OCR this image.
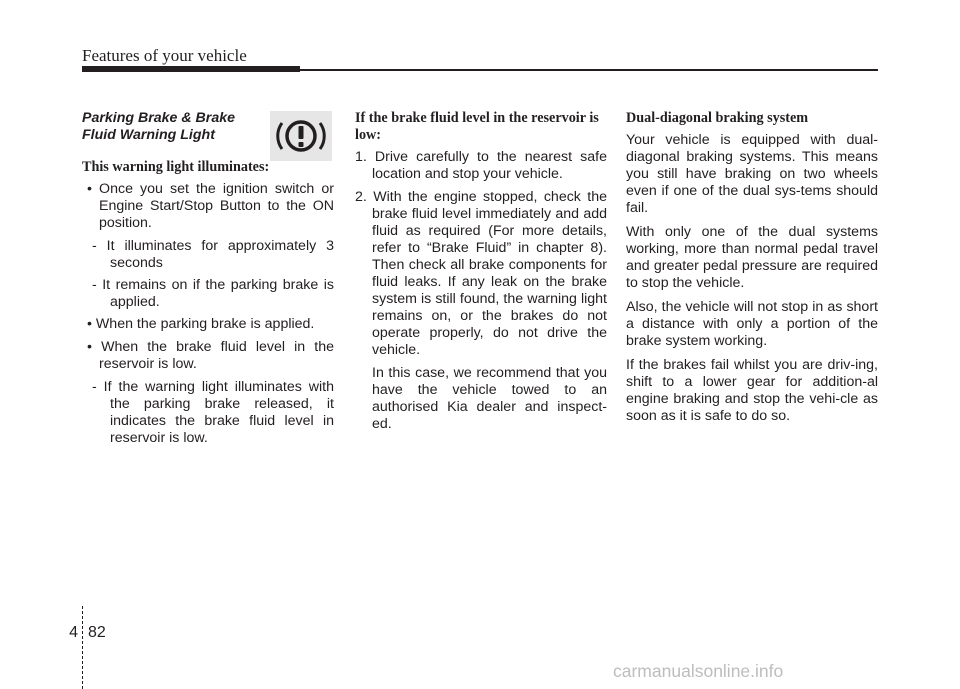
Features of your vehicle
Parking Brake & Brake Fluid Warning Light
This warning light illuminates:
• Once you set the ignition switch or Engine Start/Stop Button to the ON position.
- It illuminates for approximately 3 seconds
- It remains on if the parking brake is applied.
• When the parking brake is applied.
• When the brake fluid level in the reservoir is low.
- If the warning light illuminates with the parking brake released, it indicates the brake fluid level in reservoir is low.
If the brake fluid level in the reservoir is low:
1. Drive carefully to the nearest safe location and stop your vehicle.
2. With the engine stopped, check the brake fluid level immediately and add fluid as required (For more details, refer to “Brake Fluid” in chapter 8). Then check all brake components for fluid leaks. If any leak on the brake system is still found, the warning light remains on, or the brakes do not operate properly, do not drive the vehicle.

In this case, we recommend that you have the vehicle towed to an authorised Kia dealer and inspect-ed.

Dual-diagonal braking system

Your vehicle is equipped with dual-diagonal braking systems. This means you still have braking on two wheels even if one of the dual sys-tems should fail.

With only one of the dual systems working, more than normal pedal travel and greater pedal pressure are required to stop the vehicle.

Also, the vehicle will not stop in as short a distance with only a portion of the brake system working.

If the brakes fail whilst you are driv-ing, shift to a lower gear for addition-al engine braking and stop the vehi-cle as soon as it is safe to do so.

4 82
carmanualsonline.info
